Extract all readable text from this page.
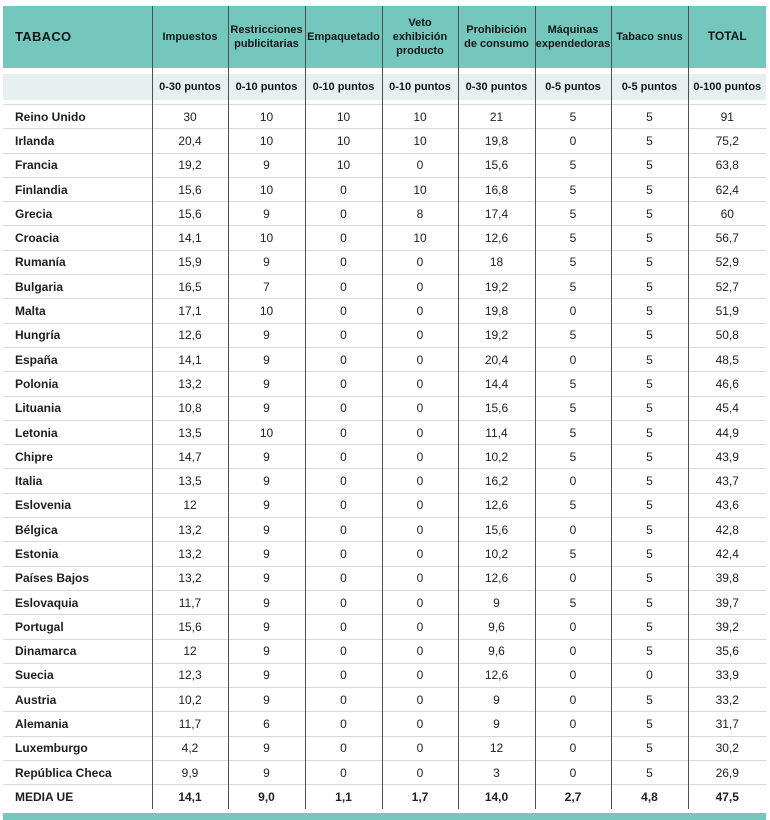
TABACO	Impuestos	Restricciones publicitarias	Empaquetado	Veto exhibición producto	Prohibición de consumo	Máquinas expendedoras	Tabaco snus	TOTAL

	0-30 puntos	0-10 puntos	0-10 puntos	0-10 puntos	0-30 puntos	0-5 puntos	0-5 puntos	0-100 puntos

Reino Unido	30	10	10	10	21	5	5	91
Irlanda	20,4	10	10	10	19,8	0	5	75,2
Francia	19,2	9	10	0	15,6	5	5	63,8
Finlandia	15,6	10	0	10	16,8	5	5	62,4
Grecia	15,6	9	0	8	17,4	5	5	60
Croacia	14,1	10	0	10	12,6	5	5	56,7
Rumanía	15,9	9	0	0	18	5	5	52,9
Bulgaria	16,5	7	0	0	19,2	5	5	52,7
Malta	17,1	10	0	0	19,8	0	5	51,9
Hungría	12,6	9	0	0	19,2	5	5	50,8
España	14,1	9	0	0	20,4	0	5	48,5
Polonia	13,2	9	0	0	14,4	5	5	46,6
Lituania	10,8	9	0	0	15,6	5	5	45,4
Letonia	13,5	10	0	0	11,4	5	5	44,9
Chipre	14,7	9	0	0	10,2	5	5	43,9
Italia	13,5	9	0	0	16,2	0	5	43,7
Eslovenia	12	9	0	0	12,6	5	5	43,6
Bélgica	13,2	9	0	0	15,6	0	5	42,8
Estonia	13,2	9	0	0	10,2	5	5	42,4
Países Bajos	13,2	9	0	0	12,6	0	5	39,8
Eslovaquia	11,7	9	0	0	9	5	5	39,7
Portugal	15,6	9	0	0	9,6	0	5	39,2
Dinamarca	12	9	0	0	9,6	0	5	35,6
Suecia	12,3	9	0	0	12,6	0	0	33,9
Austria	10,2	9	0	0	9	0	5	33,2
Alemania	11,7	6	0	0	9	0	5	31,7
Luxemburgo	4,2	9	0	0	12	0	5	30,2
República Checa	9,9	9	0	0	3	0	5	26,9
MEDIA UE	14,1	9,0	1,1	1,7	14,0	2,7	4,8	47,5
